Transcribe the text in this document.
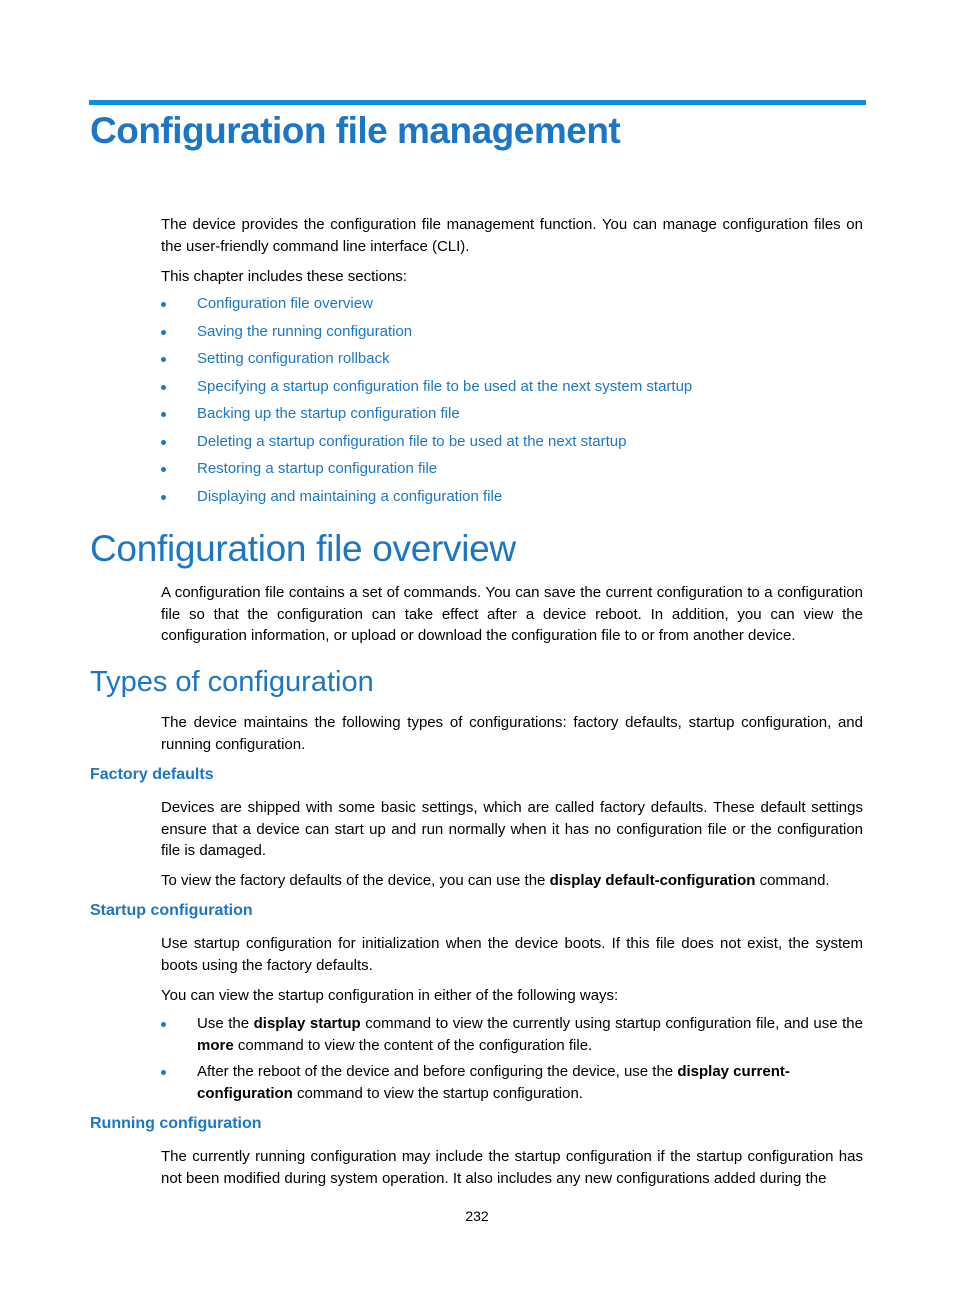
Configuration file management

The device provides the configuration file management function. You can manage configuration files on the user-friendly command line interface (CLI).

This chapter includes these sections:

Configuration file overview
Saving the running configuration
Setting configuration rollback
Specifying a startup configuration file to be used at the next system startup
Backing up the startup configuration file
Deleting a startup configuration file to be used at the next startup
Restoring a startup configuration file
Displaying and maintaining a configuration file
Configuration file overview

A configuration file contains a set of commands. You can save the current configuration to a configuration file so that the configuration can take effect after a device reboot. In addition, you can view the configuration information, or upload or download the configuration file to or from another device.

Types of configuration

The device maintains the following types of configurations: factory defaults, startup configuration, and running configuration.

Factory defaults

Devices are shipped with some basic settings, which are called factory defaults. These default settings ensure that a device can start up and run normally when it has no configuration file or the configuration file is damaged.

To view the factory defaults of the device, you can use the display default-configuration command.

Startup configuration

Use startup configuration for initialization when the device boots. If this file does not exist, the system boots using the factory defaults.

You can view the startup configuration in either of the following ways:

Use the display startup command to view the currently using startup configuration file, and use the more command to view the content of the configuration file.
After the reboot of the device and before configuring the device, use the display current-configuration command to view the startup configuration.
Running configuration

The currently running configuration may include the startup configuration if the startup configuration has not been modified during system operation. It also includes any new configurations added during the

232
